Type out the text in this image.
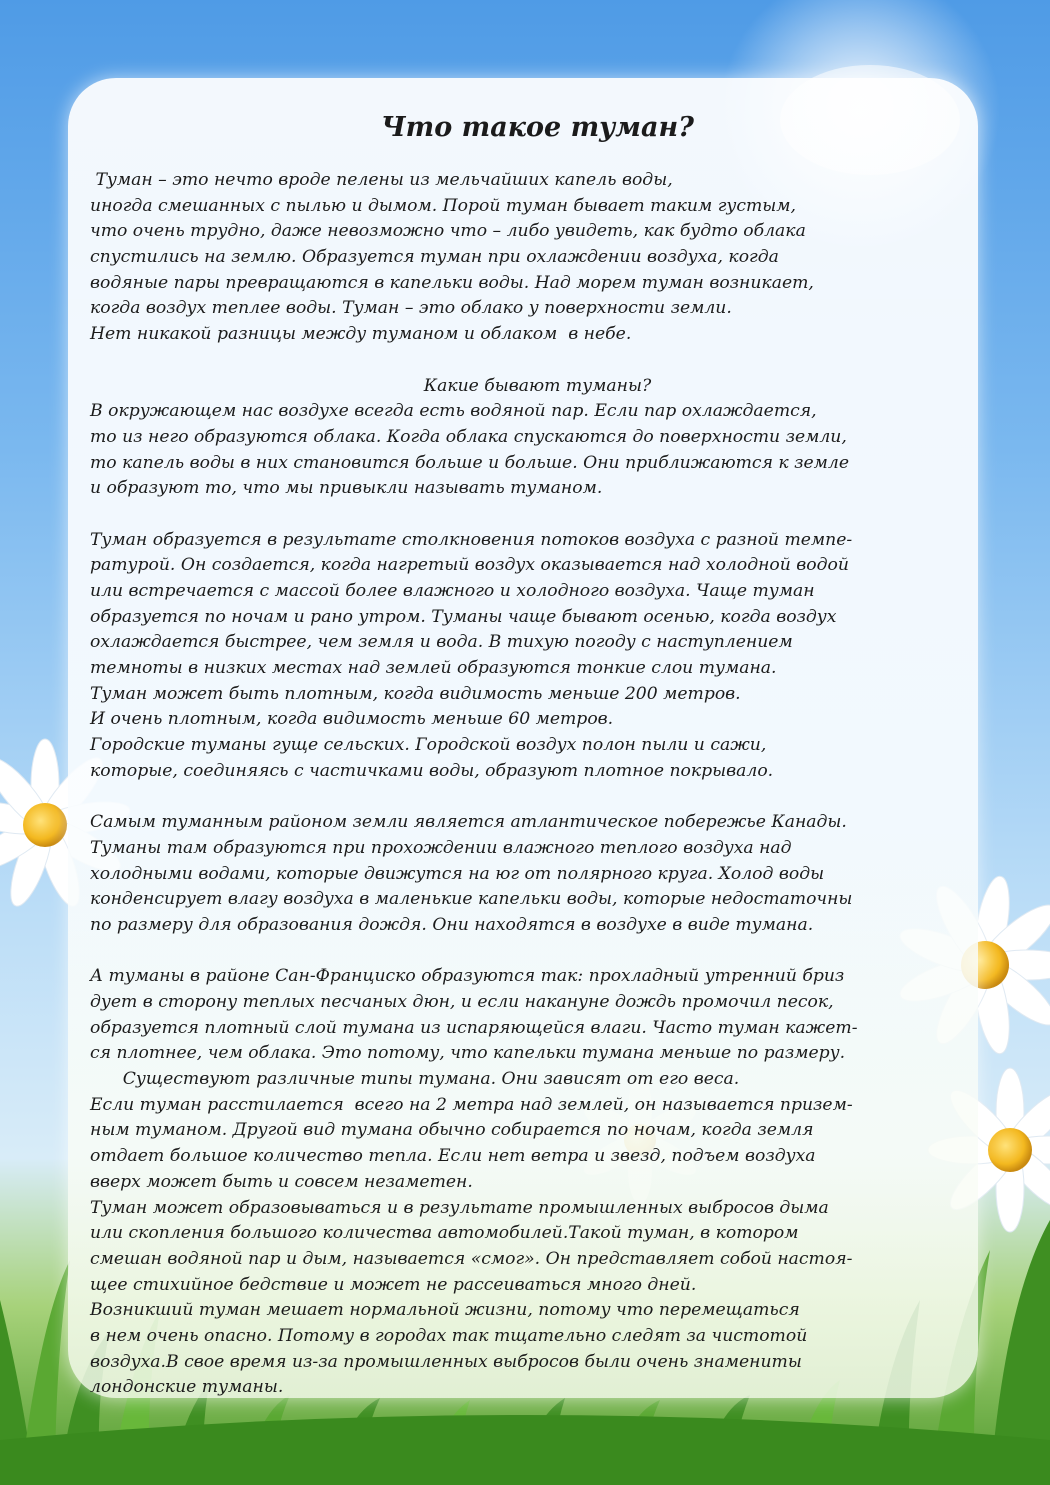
Что такое туман?
Туман – это нечто вроде пелены из мельчайших капель воды,
иногда смешанных с пылью и дымом. Порой туман бывает таким густым,
что очень трудно, даже невозможно что – либо увидеть, как будто облака
спустились на землю. Образуется туман при охлаждении воздуха, когда
водяные пары превращаются в капельки воды. Над морем туман возникает,
когда воздух теплее воды. Туман – это облако у поверхности земли.
Нет никакой разницы между туманом и облаком  в небе.
Какие бывают туманы?
В окружающем нас воздухе всегда есть водяной пар. Если пар охлаждается,
то из него образуются облака. Когда облака спускаются до поверхности земли,
то капель воды в них становится больше и больше. Они приближаются к земле
и образуют то, что мы привыкли называть туманом.
Туман образуется в результате столкновения потоков воздуха с разной темпе-
ратурой. Он создается, когда нагретый воздух оказывается над холодной водой
или встречается с массой более влажного и холодного воздуха. Чаще туман
образуется по ночам и рано утром. Туманы чаще бывают осенью, когда воздух
охлаждается быстрее, чем земля и вода. В тихую погоду с наступлением
темноты в низких местах над землей образуются тонкие слои тумана.
Туман может быть плотным, когда видимость меньше 200 метров.
И очень плотным, когда видимость меньше 60 метров.
Городские туманы гуще сельских. Городской воздух полон пыли и сажи,
которые, соединяясь с частичками воды, образуют плотное покрывало.
Самым туманным районом земли является атлантическое побережье Канады.
Туманы там образуются при прохождении влажного теплого воздуха над
холодными водами, которые движутся на юг от полярного круга. Холод воды
конденсирует влагу воздуха в маленькие капельки воды, которые недостаточны
по размеру для образования дождя. Они находятся в воздухе в виде тумана.
А туманы в районе Сан-Франциско образуются так: прохладный утренний бриз
дует в сторону теплых песчаных дюн, и если накануне дождь промочил песок,
образуется плотный слой тумана из испаряющейся влаги. Часто туман кажет-
ся плотнее, чем облака. Это потому, что капельки тумана меньше по размеру.
Существуют различные типы тумана. Они зависят от его веса.
Если туман расстилается  всего на 2 метра над землей, он называется призем-
ным туманом. Другой вид тумана обычно собирается по ночам, когда земля
отдает большое количество тепла. Если нет ветра и звезд, подъем воздуха
вверх может быть и совсем незаметен.
Туман может образовываться и в результате промышленных выбросов дыма
или скопления большого количества автомобилей.Такой туман, в котором
смешан водяной пар и дым, называется «смог». Он представляет собой настоя-
щее стихийное бедствие и может не рассеиваться много дней.
Возникший туман мешает нормальной жизни, потому что перемещаться
в нем очень опасно. Потому в городах так тщательно следят за чистотой
воздуха.В свое время из-за промышленных выбросов были очень знамениты
лондонские туманы.
